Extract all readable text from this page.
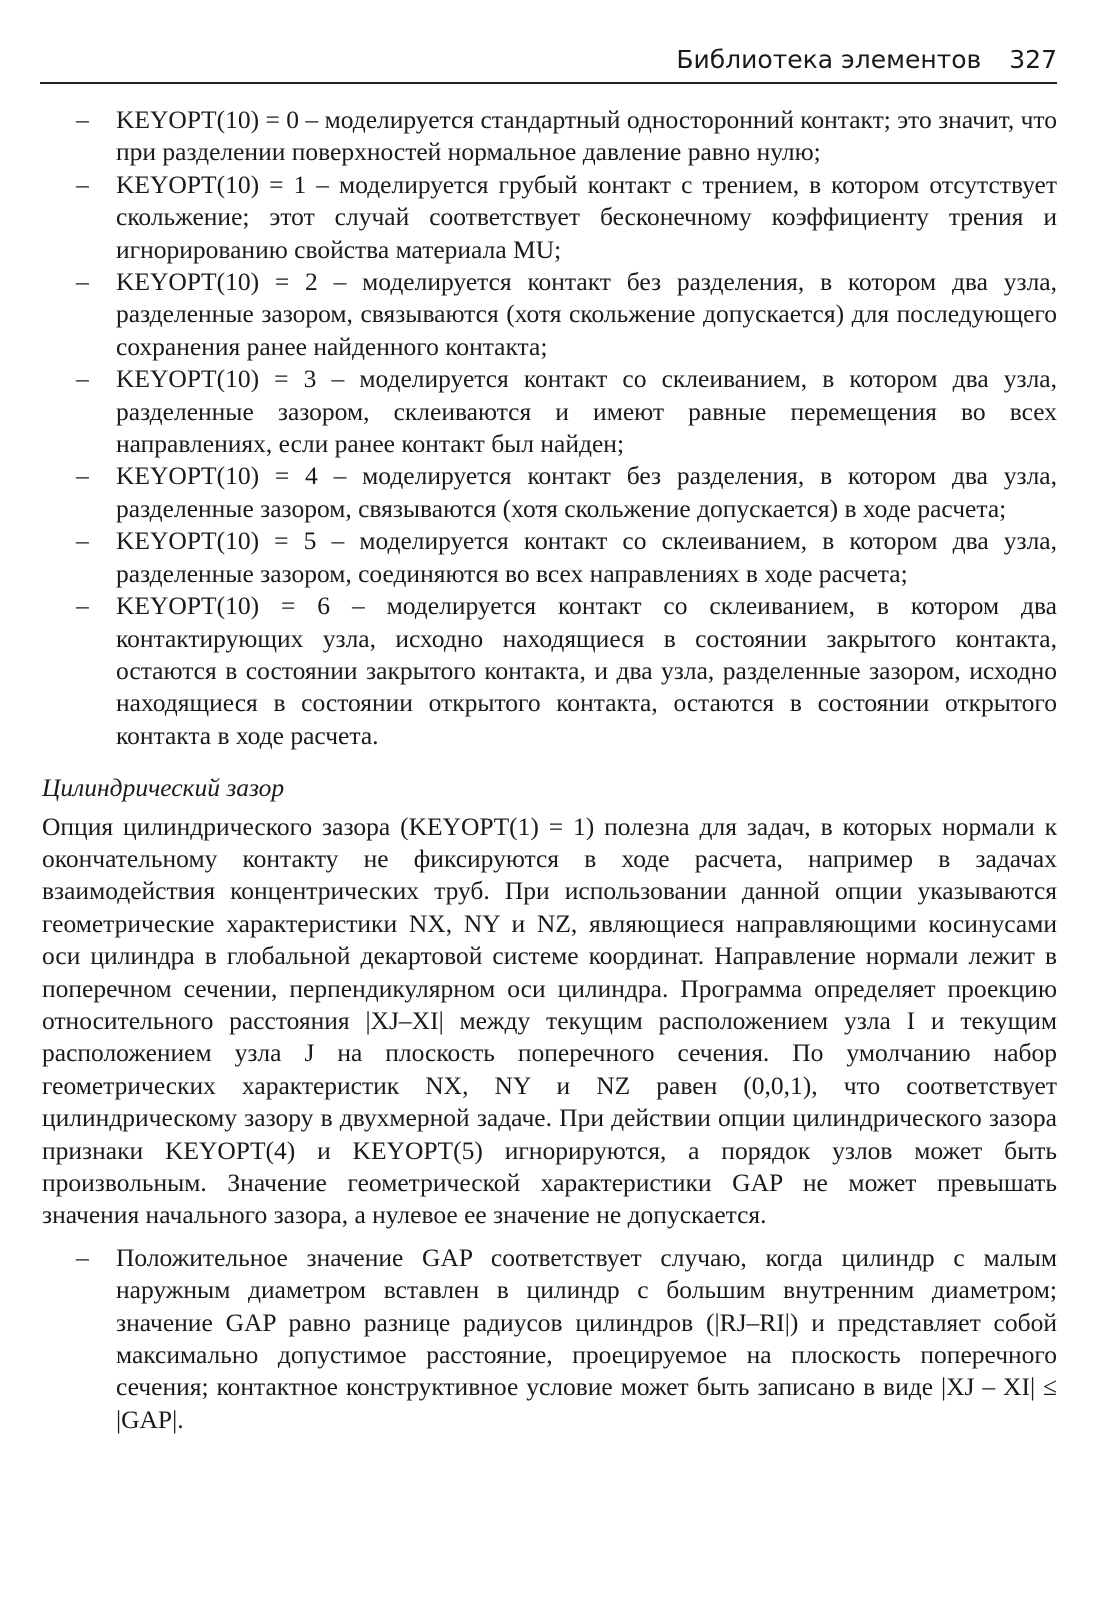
Библиотека элементов 327
– KEYOPT(10) = 0 – моделируется стандартный односторонний контакт; это значит, что при разделении поверхностей нормальное давление равно нулю;
– KEYOPT(10) = 1 – моделируется грубый контакт с трением, в котором отсутствует скольжение; этот случай соответствует бесконечному коэффициенту трения и игнорированию свойства материала MU;
– KEYOPT(10) = 2 – моделируется контакт без разделения, в котором два узла, разделенные зазором, связываются (хотя скольжение допускается) для последующего сохранения ранее найденного контакта;
– KEYOPT(10) = 3 – моделируется контакт со склеиванием, в котором два узла, разделенные зазором, склеиваются и имеют равные перемещения во всех направлениях, если ранее контакт был найден;
– KEYOPT(10) = 4 – моделируется контакт без разделения, в котором два узла, разделенные зазором, связываются (хотя скольжение допускается) в ходе расчета;
– KEYOPT(10) = 5 – моделируется контакт со склеиванием, в котором два узла, разделенные зазором, соединяются во всех направлениях в ходе расчета;
– KEYOPT(10) = 6 – моделируется контакт со склеиванием, в котором два контактирующих узла, исходно находящиеся в состоянии закрытого контакта, остаются в состоянии закрытого контакта, и два узла, разделенные зазором, исходно находящиеся в состоянии открытого контакта, остаются в состоянии открытого контакта в ходе расчета.
Цилиндрический зазор

Опция цилиндрического зазора (KEYOPT(1) = 1) полезна для задач, в которых нормали к окончательному контакту не фиксируются в ходе расчета, например в задачах взаимодействия концентрических труб. При использовании данной опции указываются геометрические характеристики NX, NY и NZ, являющиеся направляющими косинусами оси цилиндра в глобальной декартовой системе координат. Направление нормали лежит в поперечном сечении, перпендикулярном оси цилиндра. Программа определяет проекцию относительного расстояния |XJ–XI| между текущим расположением узла I и текущим расположением узла J на плоскость поперечного сечения. По умолчанию набор геометрических характеристик NX, NY и NZ равен (0,0,1), что соответствует цилиндрическому зазору в двухмерной задаче. При действии опции цилиндрического зазора признаки KEYOPT(4) и KEYOPT(5) игнорируются, а порядок узлов может быть произвольным. Значение геометрической характеристики GAP не может превышать значения начального зазора, а нулевое ее значение не допускается.

– Положительное значение GAP соответствует случаю, когда цилиндр с малым наружным диаметром вставлен в цилиндр с большим внутренним диаметром; значение GAP равно разнице радиусов цилиндров (|RJ–RI|) и представляет собой максимально допустимое расстояние, проецируемое на плоскость поперечного сечения; контактное конструктивное условие может быть записано в виде |XJ – XI| ≤ |GAP|.
